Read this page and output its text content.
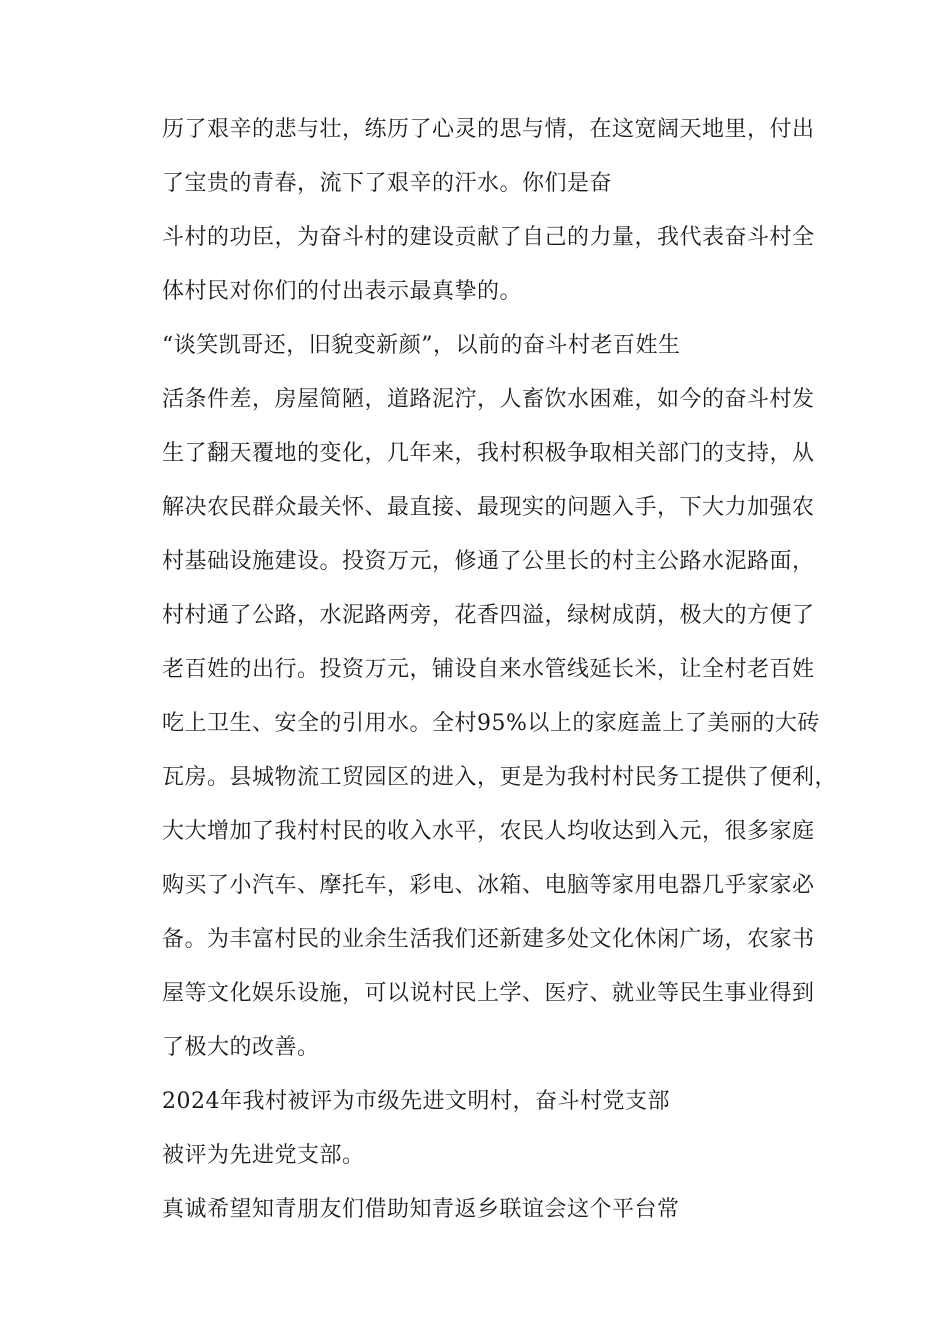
历了艰辛的悲与壮，练历了心灵的思与情，在这宽阔天地里，付出
了宝贵的青春，流下了艰辛的汗水。你们是奋
斗村的功臣，为奋斗村的建设贡献了自己的力量，我代表奋斗村全
体村民对你们的付出表示最真挚的。
“谈笑凯哥还，旧貌变新颜”，以前的奋斗村老百姓生
活条件差，房屋简陋，道路泥泞，人畜饮水困难，如今的奋斗村发
生了翻天覆地的变化，几年来，我村积极争取相关部门的支持，从
解决农民群众最关怀、最直接、最现实的问题入手，下大力加强农
村基础设施建设。投资万元，修通了公里长的村主公路水泥路面，
村村通了公路，水泥路两旁，花香四溢，绿树成荫，极大的方便了
老百姓的出行。投资万元，铺设自来水管线延长米，让全村老百姓
吃上卫生、安全的引用水。全村95%以上的家庭盖上了美丽的大砖
瓦房。县城物流工贸园区的进入，更是为我村村民务工提供了便利，
大大增加了我村村民的收入水平，农民人均收达到入元，很多家庭
购买了小汽车、摩托车，彩电、冰箱、电脑等家用电器几乎家家必
备。为丰富村民的业余生活我们还新建多处文化休闲广场，农家书
屋等文化娱乐设施，可以说村民上学、医疗、就业等民生事业得到
了极大的改善。
2024年我村被评为市级先进文明村，奋斗村党支部
被评为先进党支部。
真诚希望知青朋友们借助知青返乡联谊会这个平台常
